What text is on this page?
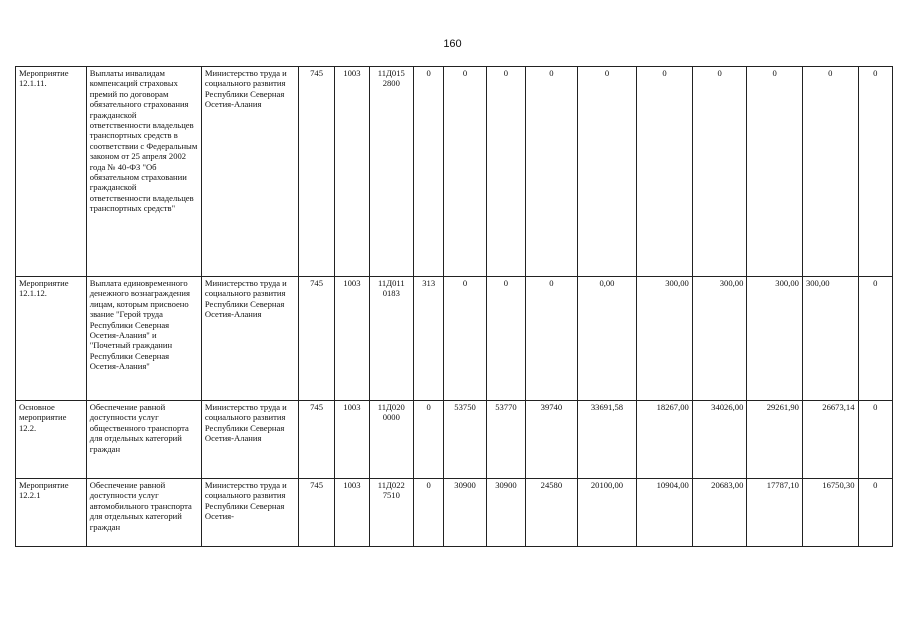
160
Мероприятие 12.1.11.	Выплаты инвалидам компенсаций страховых премий по договорам обязательного страхования гражданской ответственности владельцев транспортных средств в соответствии с Федеральным законом от 25 апреля 2002 года № 40-ФЗ "Об обязательном страховании гражданской ответственности владельцев транспортных средств"	Министерство труда и социального развития Республики Северная Осетия-Алания	745	1003	11Д015 2800	0	0	0	0	0	0	0	0	0	0
Мероприятие 12.1.12.	Выплата единовременного денежного вознаграждения лицам, которым присвоено звание "Герой труда Республики Северная Осетия-Алания" и "Почетный гражданин Республики Северная Осетия-Алания"	Министерство труда и социального развития Республики Северная Осетия-Алания	745	1003	11Д011 0183	313	0	0	0	0,00	300,00	300,00	300,00	300,00	0
Основное мероприятие 12.2.	Обеспечение равной доступности услуг общественного транспорта для отдельных категорий граждан	Министерство труда и социального развития Республики Северная Осетия-Алания	745	1003	11Д020 0000	0	53750	53770	39740	33691,58	18267,00	34026,00	29261,90	26673,14	0
Мероприятие 12.2.1	Обеспечение равной доступности услуг автомобильного транспорта для отдельных категорий граждан	Министерство труда и социального развития Республики Северная Осетия-	745	1003	11Д022 7510	0	30900	30900	24580	20100,00	10904,00	20683,00	17787,10	16750,30	0
